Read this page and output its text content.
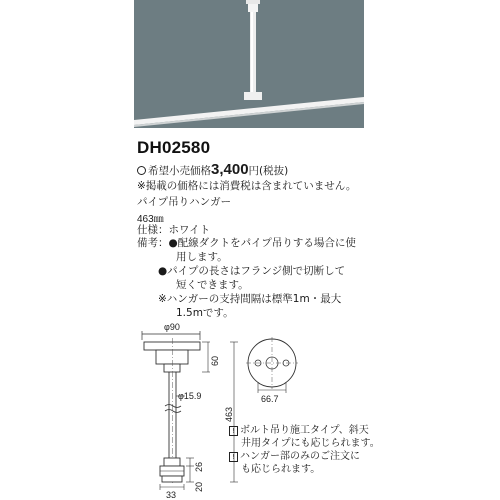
DH02580
希望小売価格3,400円(税抜)
※掲載の価格には消費税は含まれていません。
パイプ吊りハンガー
463㎜
仕様：ホワイト
備考：●配線ダクトをパイプ吊りする場合に使
用します。
●パイプの長さはフランジ側で切断して
短くできます。
※ハンガーの支持間隔は標準1m・最大
1.5mです。
φ90
φ15.9
33
60
463
26
20
66.7
! ボルト吊り施工タイプ、斜天
井用タイプにも応じられます。
! ハンガー部のみのご注文に
も応じられます。
